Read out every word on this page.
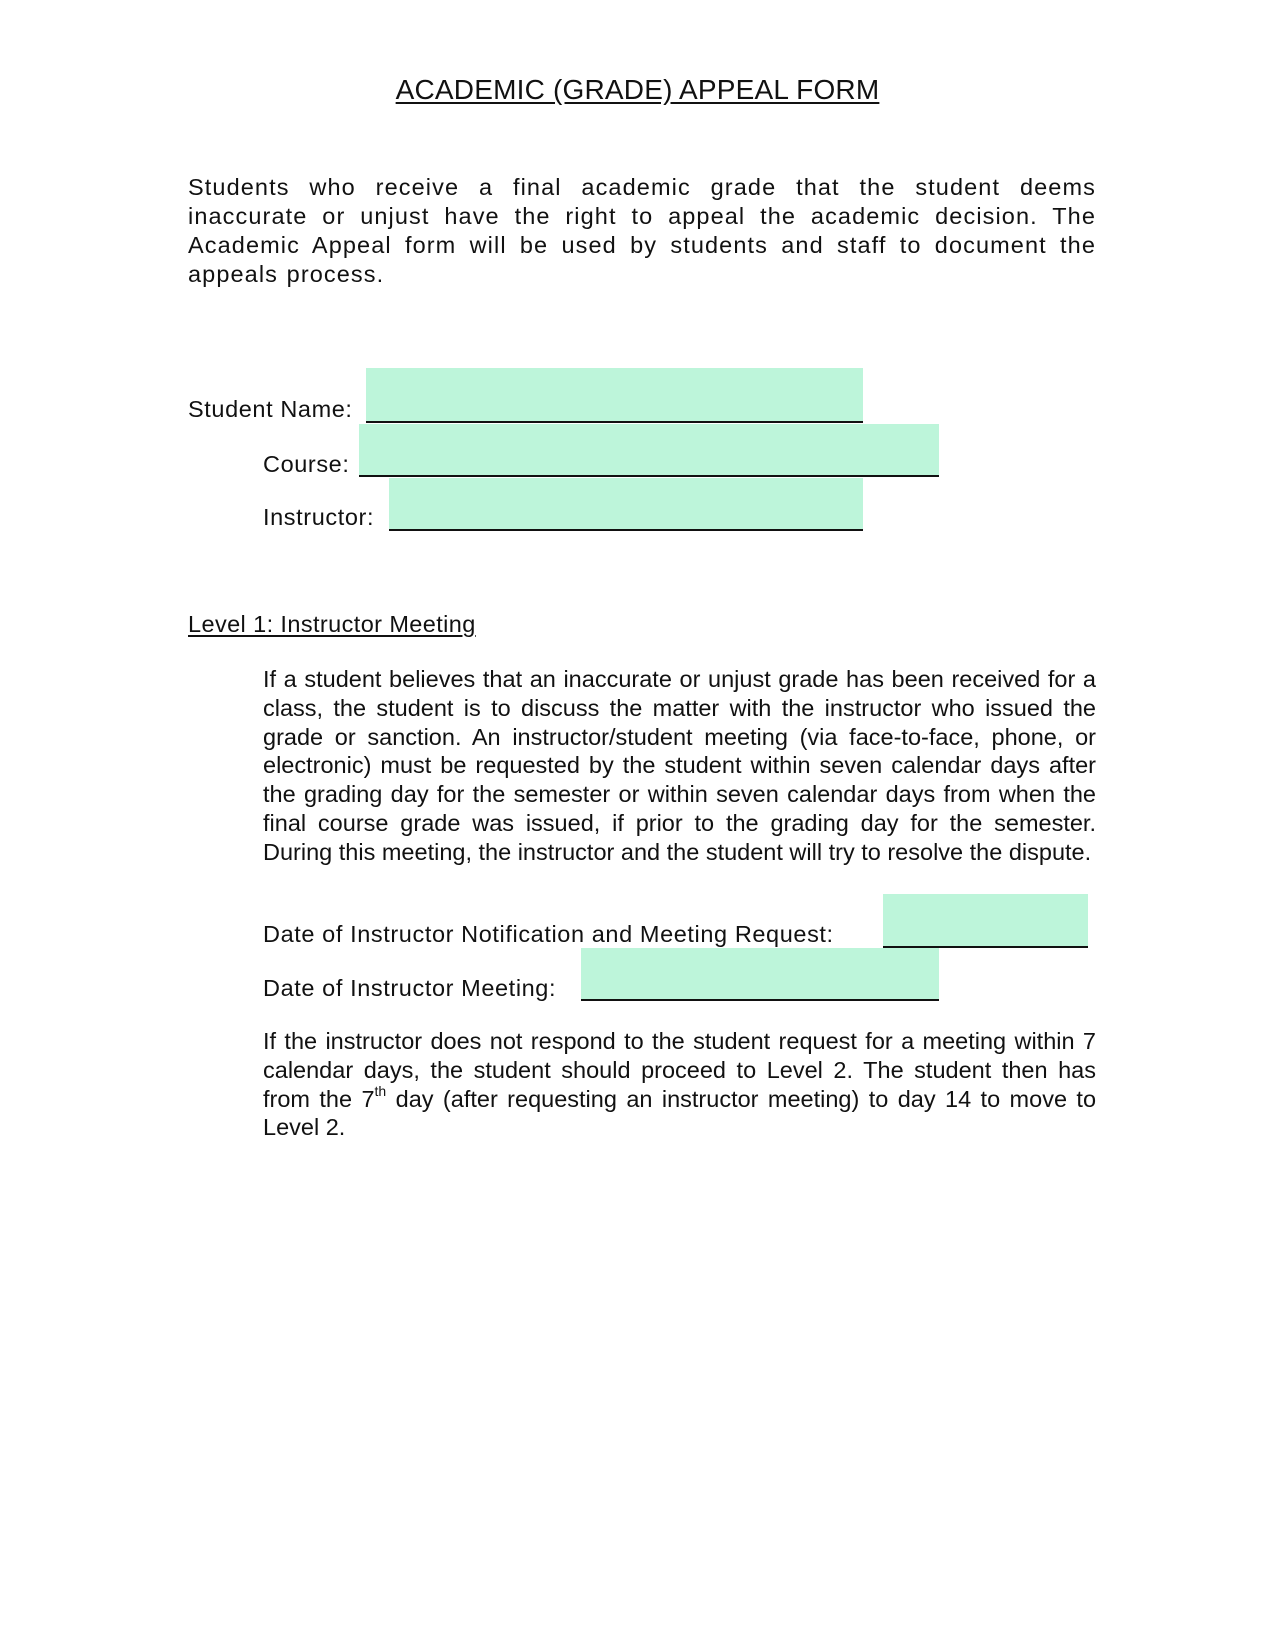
ACADEMIC (GRADE) APPEAL FORM
Students who receive a final academic grade that the student deems inaccurate or unjust have the right to appeal the academic decision. The Academic Appeal form will be used by students and staff to document the appeals process.
Student Name:
Course:
Instructor:
Level 1: Instructor Meeting
If a student believes that an inaccurate or unjust grade has been received for a class, the student is to discuss the matter with the instructor who issued the grade or sanction. An instructor/student meeting (via face-to-face, phone, or electronic) must be requested by the student within seven calendar days after the grading day for the semester or within seven calendar days from when the final course grade was issued, if prior to the grading day for the semester. During this meeting, the instructor and the student will try to resolve the dispute.
Date of Instructor Notification and Meeting Request:
Date of Instructor Meeting:
If the instructor does not respond to the student request for a meeting within 7 calendar days, the student should proceed to Level 2. The student then has from the 7th day (after requesting an instructor meeting) to day 14 to move to Level 2.
